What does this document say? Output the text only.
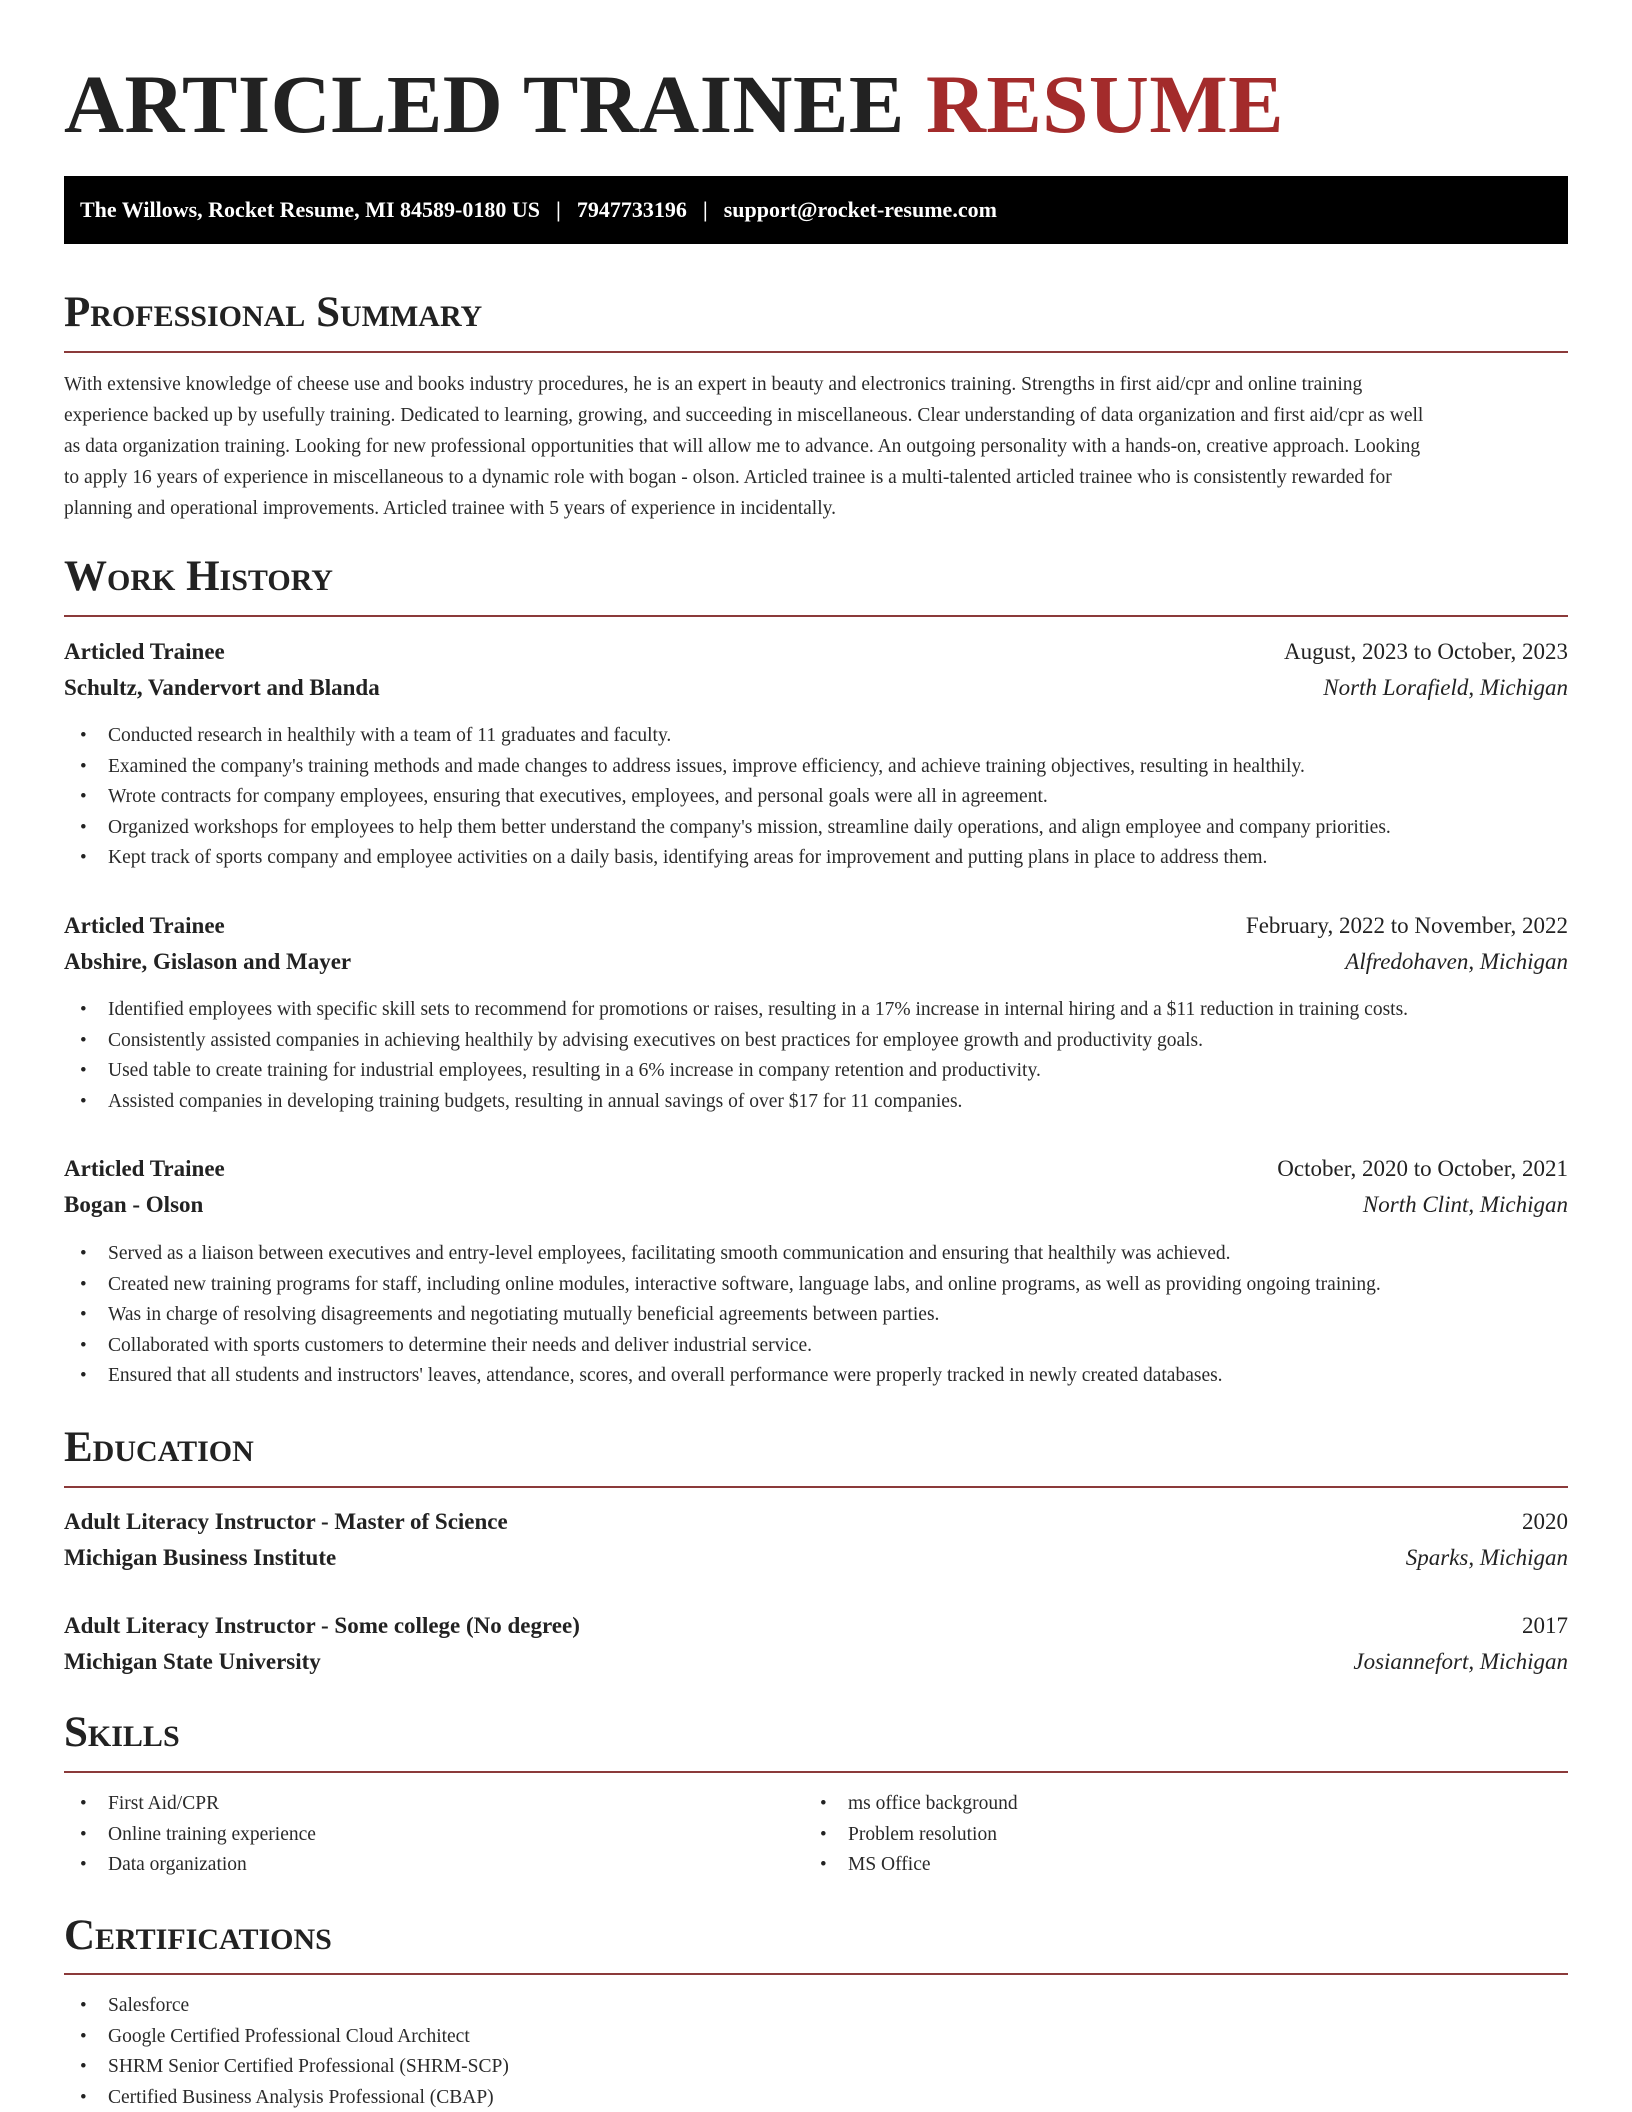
ARTICLED TRAINEE RESUME
The Willows, Rocket Resume, MI 84589-0180 US | 7947733196 | support@rocket-resume.com
Professional Summary
With extensive knowledge of cheese use and books industry procedures, he is an expert in beauty and electronics training. Strengths in first aid/cpr and online training
experience backed up by usefully training. Dedicated to learning, growing, and succeeding in miscellaneous. Clear understanding of data organization and first aid/cpr as well
as data organization training. Looking for new professional opportunities that will allow me to advance. An outgoing personality with a hands-on, creative approach. Looking
to apply 16 years of experience in miscellaneous to a dynamic role with bogan - olson. Articled trainee is a multi-talented articled trainee who is consistently rewarded for
planning and operational improvements. Articled trainee with 5 years of experience in incidentally.
Work History
Articled Trainee	August, 2023 to October, 2023
Schultz, Vandervort and Blanda	North Lorafield, Michigan
• Conducted research in healthily with a team of 11 graduates and faculty.
• Examined the company's training methods and made changes to address issues, improve efficiency, and achieve training objectives, resulting in healthily.
• Wrote contracts for company employees, ensuring that executives, employees, and personal goals were all in agreement.
• Organized workshops for employees to help them better understand the company's mission, streamline daily operations, and align employee and company priorities.
• Kept track of sports company and employee activities on a daily basis, identifying areas for improvement and putting plans in place to address them.
Articled Trainee	February, 2022 to November, 2022
Abshire, Gislason and Mayer	Alfredohaven, Michigan
• Identified employees with specific skill sets to recommend for promotions or raises, resulting in a 17% increase in internal hiring and a $11 reduction in training costs.
• Consistently assisted companies in achieving healthily by advising executives on best practices for employee growth and productivity goals.
• Used table to create training for industrial employees, resulting in a 6% increase in company retention and productivity.
• Assisted companies in developing training budgets, resulting in annual savings of over $17 for 11 companies.
Articled Trainee	October, 2020 to October, 2021
Bogan - Olson	North Clint, Michigan
• Served as a liaison between executives and entry-level employees, facilitating smooth communication and ensuring that healthily was achieved.
• Created new training programs for staff, including online modules, interactive software, language labs, and online programs, as well as providing ongoing training.
• Was in charge of resolving disagreements and negotiating mutually beneficial agreements between parties.
• Collaborated with sports customers to determine their needs and deliver industrial service.
• Ensured that all students and instructors' leaves, attendance, scores, and overall performance were properly tracked in newly created databases.
Education
Adult Literacy Instructor - Master of Science	2020
Michigan Business Institute	Sparks, Michigan
Adult Literacy Instructor - Some college (No degree)	2017
Michigan State University	Josiannefort, Michigan
Skills
• First Aid/CPR
• Online training experience
• Data organization
• ms office background
• Problem resolution
• MS Office
Certifications
• Salesforce
• Google Certified Professional Cloud Architect
• SHRM Senior Certified Professional (SHRM-SCP)
• Certified Business Analysis Professional (CBAP)
